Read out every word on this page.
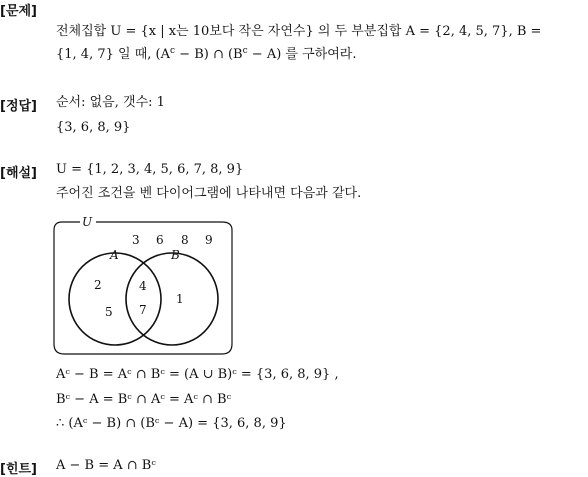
[문제]
전체집합 U = {x | x는 10보다 작은 자연수} 의 두 부분집합 A = {2, 4, 5, 7}, B =
{1, 4, 7} 일 때, $(A^c - B)$ ∩ $(B^c - A)$ 를 구하여라.
[정답] 순서: 없음, 갯수: 1
{3, 6, 8, 9}
[해설] U = {1, 2, 3, 4, 5, 6, 7, 8, 9}
주어진 조건을 벤 다이어그램에 나타내면 다음과 같다.
U
3 6 8 9
A	B
2
5
4
7
1
Aᶜ − B = Aᶜ ∩ Bᶜ = (A ∪ B)ᶜ = {3, 6, 8, 9} ,
Bᶜ − A = Bᶜ ∩ Aᶜ = Aᶜ ∩ Bᶜ
∴ (Aᶜ − B) ∩ (Bᶜ − A) = {3, 6, 8, 9}
[힌트] A − B = A ∩ Bᶜ
